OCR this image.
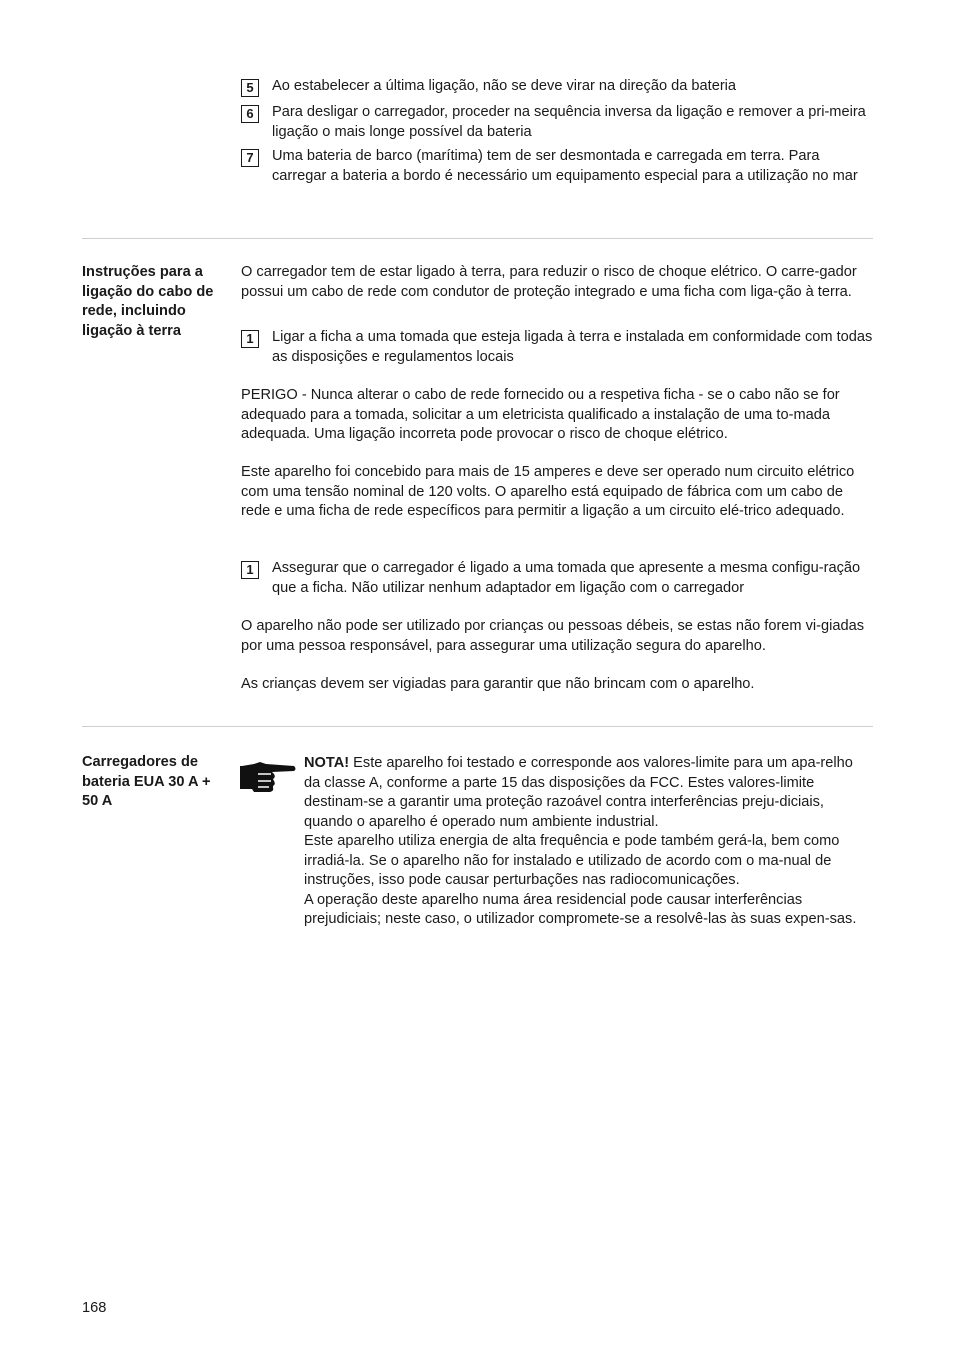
5	Ao estabelecer a última ligação, não se deve virar na direção da bateria

6	Para desligar o carregador, proceder na sequência inversa da ligação e remover a pri-meira ligação o mais longe possível da bateria

7	Uma bateria de barco (marítima) tem de ser desmontada e carregada em terra. Para carregar a bateria a bordo é necessário um equipamento especial para a utilização no mar

Instruções para a ligação do cabo de rede, incluindo ligação à terra

O carregador tem de estar ligado à terra, para reduzir o risco de choque elétrico. O carre-gador possui um cabo de rede com condutor de proteção integrado e uma ficha com liga-ção à terra.

1	Ligar a ficha a uma tomada que esteja ligada à terra e instalada em conformidade com todas as disposições e regulamentos locais

PERIGO - Nunca alterar o cabo de rede fornecido ou a respetiva ficha - se o cabo não se for adequado para a tomada, solicitar a um eletricista qualificado a instalação de uma to-mada adequada. Uma ligação incorreta pode provocar o risco de choque elétrico.

Este aparelho foi concebido para mais de 15 amperes e deve ser operado num circuito elétrico com uma tensão nominal de 120 volts. O aparelho está equipado de fábrica com um cabo de rede e uma ficha de rede específicos para permitir a ligação a um circuito elé-trico adequado.

1	Assegurar que o carregador é ligado a uma tomada que apresente a mesma configu-ração que a ficha. Não utilizar nenhum adaptador em ligação com o carregador

O aparelho não pode ser utilizado por crianças ou pessoas débeis, se estas não forem vi-giadas por uma pessoa responsável, para assegurar uma utilização segura do aparelho.

As crianças devem ser vigiadas para garantir que não brincam com o aparelho.

Carregadores de bateria EUA 30 A + 50 A

NOTA! Este aparelho foi testado e corresponde aos valores-limite para um apa-relho da classe A, conforme a parte 15 das disposições da FCC. Estes valores-limite destinam-se a garantir uma proteção razoável contra interferências preju-diciais, quando o aparelho é operado num ambiente industrial.
Este aparelho utiliza energia de alta frequência e pode também gerá-la, bem como irradiá-la. Se o aparelho não for instalado e utilizado de acordo com o ma-nual de instruções, isso pode causar perturbações nas radiocomunicações.
A operação deste aparelho numa área residencial pode causar interferências prejudiciais; neste caso, o utilizador compromete-se a resolvê-las às suas expen-sas.
168
